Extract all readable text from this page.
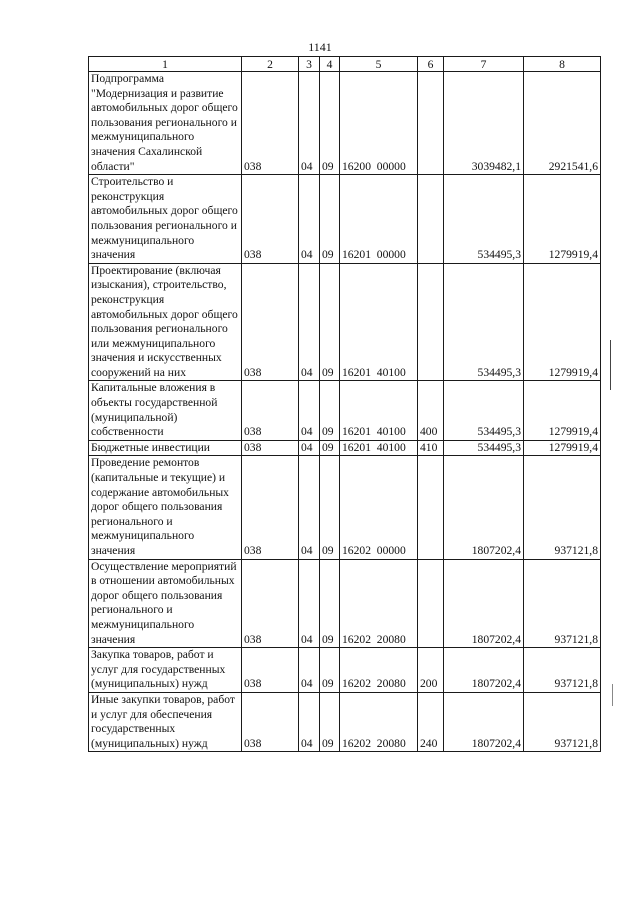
1141
1	2	3	4	5	6	7	8
Подпрограмма "Модернизация и развитие автомобильных дорог общего пользования регионального и межмуниципального значения Сахалинской области"	038	04	09	16200  00000		3039482,1	2921541,6
Строительство и реконструкция автомобильных дорог общего пользования регионального и межмуниципального значения	038	04	09	16201  00000		534495,3	1279919,4
Проектирование (включая изыскания), строительство, реконструкция автомобильных дорог общего пользования регионального или межмуниципального значения и искусственных сооружений на них	038	04	09	16201  40100		534495,3	1279919,4
Капитальные вложения в объекты государственной (муниципальной) собственности	038	04	09	16201  40100	400	534495,3	1279919,4
Бюджетные инвестиции	038	04	09	16201  40100	410	534495,3	1279919,4
Проведение ремонтов (капитальные и текущие) и содержание автомобильных дорог общего пользования регионального и межмуниципального значения	038	04	09	16202  00000		1807202,4	937121,8
Осуществление мероприятий в отношении автомобильных дорог общего пользования регионального и межмуниципального значения	038	04	09	16202  20080		1807202,4	937121,8
Закупка товаров, работ и услуг для государственных (муниципальных) нужд	038	04	09	16202  20080	200	1807202,4	937121,8
Иные закупки товаров, работ и услуг для обеспечения государственных (муниципальных) нужд	038	04	09	16202  20080	240	1807202,4	937121,8
